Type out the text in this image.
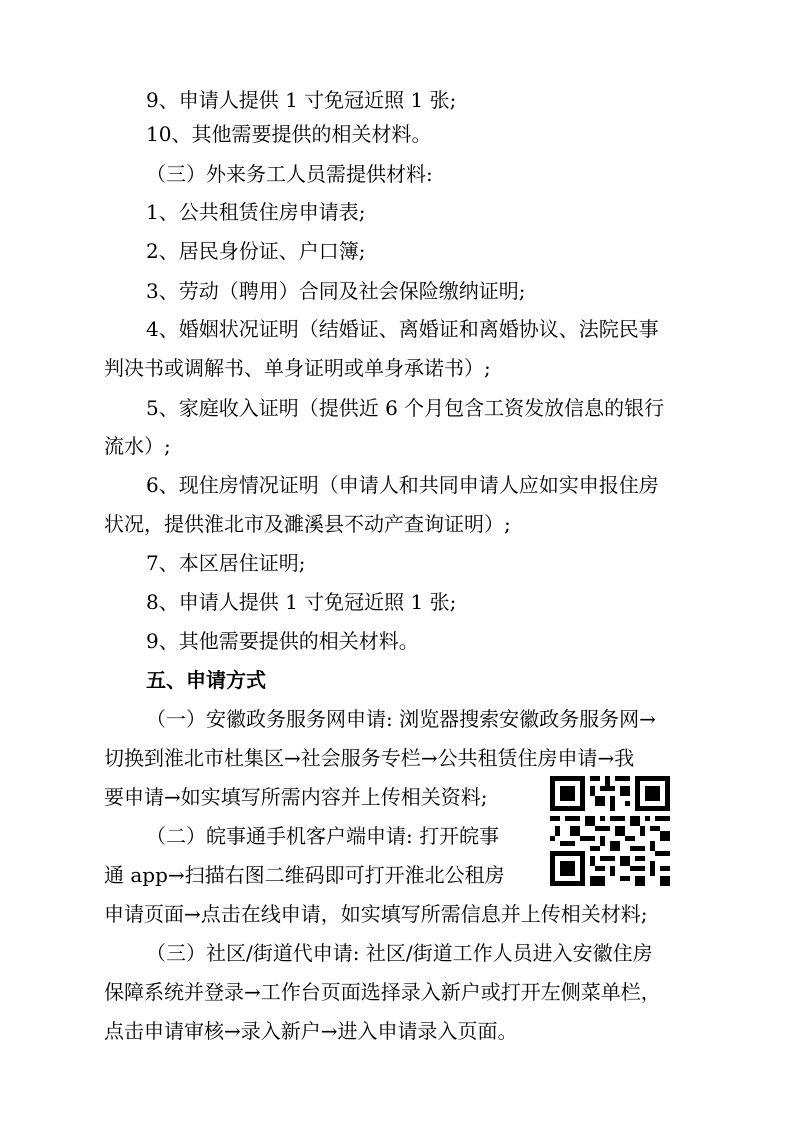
9、申请人提供 1 寸免冠近照 1 张;
10、其他需要提供的相关材料。
（三）外来务工人员需提供材料:
1、公共租赁住房申请表;
2、居民身份证、户口簿;
3、劳动（聘用）合同及社会保险缴纳证明;
4、婚姻状况证明（结婚证、离婚证和离婚协议、法院民事
判决书或调解书、单身证明或单身承诺书）;
5、家庭收入证明（提供近 6 个月包含工资发放信息的银行
流水）;
6、现住房情况证明（申请人和共同申请人应如实申报住房
状况，提供淮北市及濉溪县不动产查询证明）;
7、本区居住证明;
8、申请人提供 1 寸免冠近照 1 张;
9、其他需要提供的相关材料。
五、申请方式
（一）安徽政务服务网申请: 浏览器搜索安徽政务服务网→
切换到淮北市杜集区→社会服务专栏→公共租赁住房申请→我
要申请→如实填写所需内容并上传相关资料;
（二）皖事通手机客户端申请: 打开皖事
通 app→扫描右图二维码即可打开淮北公租房
申请页面→点击在线申请，如实填写所需信息并上传相关材料;
（三）社区/街道代申请: 社区/街道工作人员进入安徽住房
保障系统并登录→工作台页面选择录入新户或打开左侧菜单栏，
点击申请审核→录入新户→进入申请录入页面。
